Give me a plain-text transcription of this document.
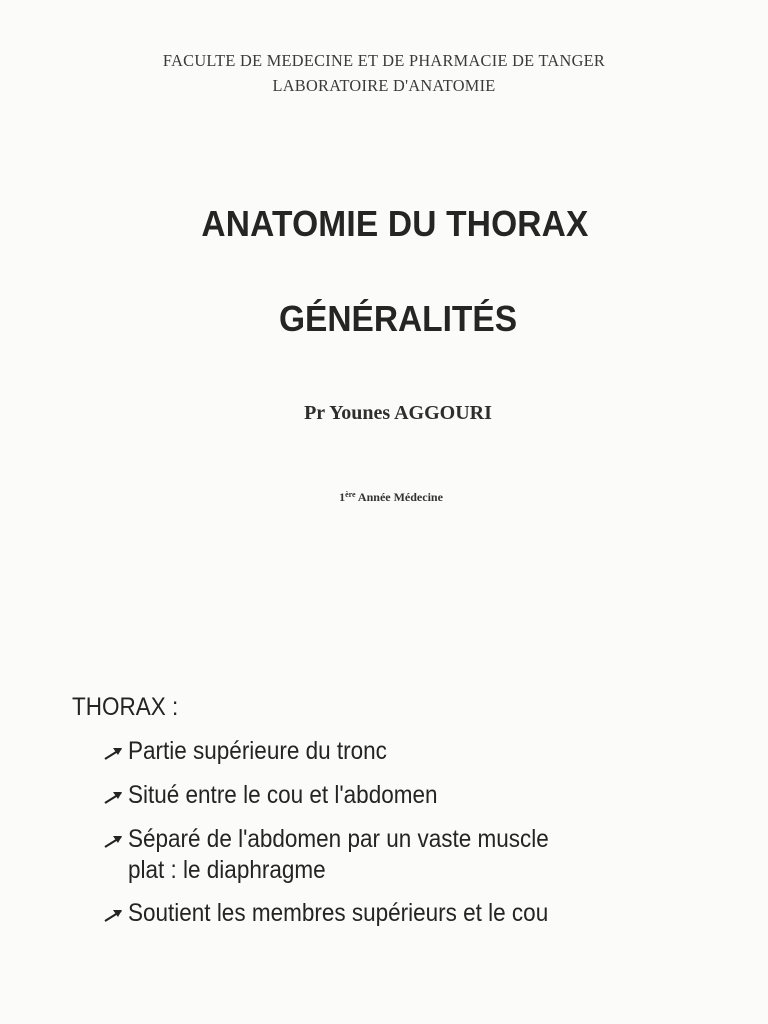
FACULTE DE MEDECINE ET DE PHARMACIE DE TANGER
LABORATOIRE D'ANATOMIE
ANATOMIE DU THORAX
GÉNÉRALITÉS
Pr Younes AGGOURI
1ère Année Médecine
THORAX :
Partie supérieure du tronc
Situé entre le cou et l'abdomen
Séparé de l'abdomen par un vaste muscle
plat : le diaphragme
Soutient les membres supérieurs et le cou
